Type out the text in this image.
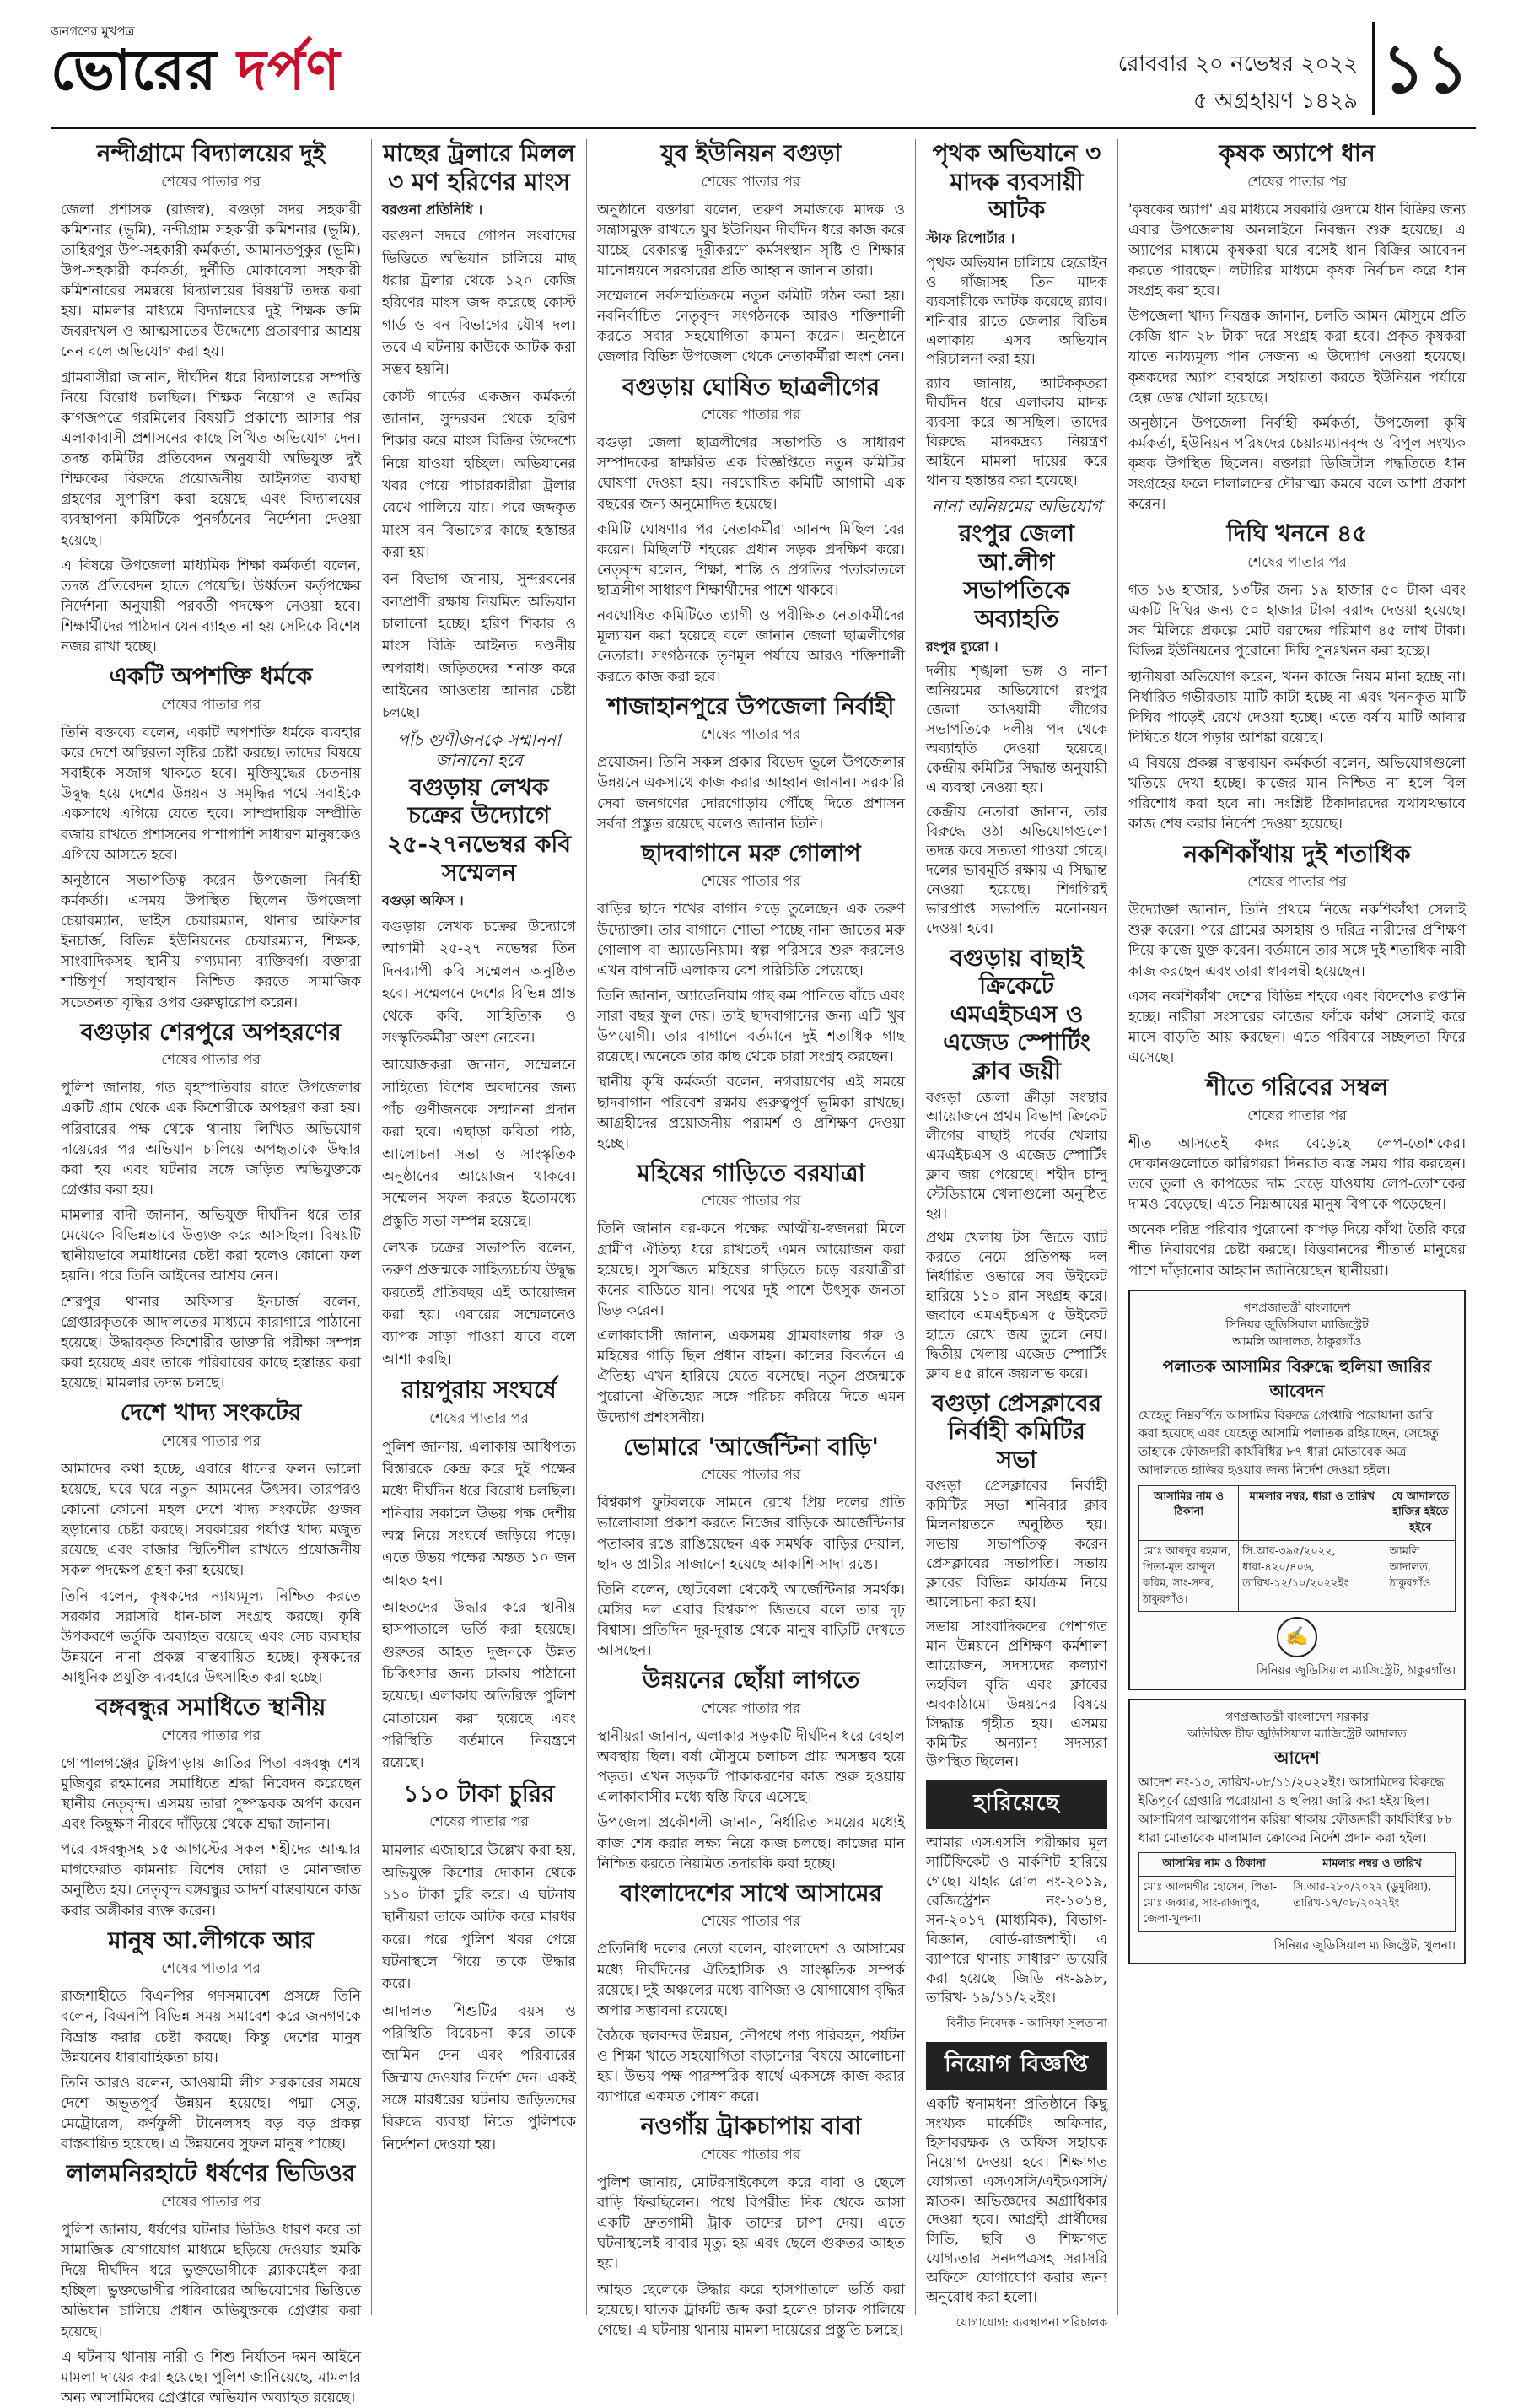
জনগণের মুখপত্র
ভোরের দর্পণ	রোববার ২০ নভেম্বর ২০২২
৫ অগ্রহায়ণ ১৪২৯ ১১
নন্দীগ্রামে বিদ্যালয়ের দুই
শেষের পাতার পর

জেলা প্রশাসক (রাজস্ব), বগুড়া সদর সহকারী কমিশনার (ভূমি), নন্দীগ্রাম সহকারী কমিশনার (ভূমি), তাহিরপুর উপ-সহকারী কর্মকর্তা, আমানতপুকুর (ভূমি) উপ-সহকারী কর্মকর্তা, দুর্নীতি মোকাবেলা সহকারী কমিশনারের সমন্বয়ে বিদ্যালয়ের বিষয়টি তদন্ত করা হয়। মামলার মাধ্যমে বিদ্যালয়ের দুই শিক্ষক জমি জবরদখল ও আত্মসাতের উদ্দেশ্যে প্রতারণার আশ্রয় নেন বলে অভিযোগ করা হয়।

গ্রামবাসীরা জানান, দীর্ঘদিন ধরে বিদ্যালয়ের সম্পত্তি নিয়ে বিরোধ চলছিল। শিক্ষক নিয়োগ ও জমির কাগজপত্রে গরমিলের বিষয়টি প্রকাশ্যে আসার পর এলাকাবাসী প্রশাসনের কাছে লিখিত অভিযোগ দেন। তদন্ত কমিটির প্রতিবেদন অনুযায়ী অভিযুক্ত দুই শিক্ষকের বিরুদ্ধে প্রয়োজনীয় আইনগত ব্যবস্থা গ্রহণের সুপারিশ করা হয়েছে এবং বিদ্যালয়ের ব্যবস্থাপনা কমিটিকে পুনর্গঠনের নির্দেশনা দেওয়া হয়েছে।

এ বিষয়ে উপজেলা মাধ্যমিক শিক্ষা কর্মকর্তা বলেন, তদন্ত প্রতিবেদন হাতে পেয়েছি। উর্ধ্বতন কর্তৃপক্ষের নির্দেশনা অনুযায়ী পরবর্তী পদক্ষেপ নেওয়া হবে। শিক্ষার্থীদের পাঠদান যেন ব্যাহত না হয় সেদিকে বিশেষ নজর রাখা হচ্ছে।

একটি অপশক্তি ধর্মকে
শেষের পাতার পর

তিনি বক্তব্যে বলেন, একটি অপশক্তি ধর্মকে ব্যবহার করে দেশে অস্থিরতা সৃষ্টির চেষ্টা করছে। তাদের বিষয়ে সবাইকে সজাগ থাকতে হবে। মুক্তিযুদ্ধের চেতনায় উদ্বুদ্ধ হয়ে দেশের উন্নয়ন ও সমৃদ্ধির পথে সবাইকে একসাথে এগিয়ে যেতে হবে। সাম্প্রদায়িক সম্প্রীতি বজায় রাখতে প্রশাসনের পাশাপাশি সাধারণ মানুষকেও এগিয়ে আসতে হবে।

অনুষ্ঠানে সভাপতিত্ব করেন উপজেলা নির্বাহী কর্মকর্তা। এসময় উপস্থিত ছিলেন উপজেলা চেয়ারম্যান, ভাইস চেয়ারম্যান, থানার অফিসার ইনচার্জ, বিভিন্ন ইউনিয়নের চেয়ারম্যান, শিক্ষক, সাংবাদিকসহ স্থানীয় গণ্যমান্য ব্যক্তিবর্গ। বক্তারা শান্তিপূর্ণ সহাবস্থান নিশ্চিত করতে সামাজিক সচেতনতা বৃদ্ধির ওপর গুরুত্বারোপ করেন।

বগুড়ার শেরপুরে অপহরণের
শেষের পাতার পর

পুলিশ জানায়, গত বৃহস্পতিবার রাতে উপজেলার একটি গ্রাম থেকে এক কিশোরীকে অপহরণ করা হয়। পরিবারের পক্ষ থেকে থানায় লিখিত অভিযোগ দায়েরের পর অভিযান চালিয়ে অপহৃতাকে উদ্ধার করা হয় এবং ঘটনার সঙ্গে জড়িত অভিযুক্তকে গ্রেপ্তার করা হয়।

মামলার বাদী জানান, অভিযুক্ত দীর্ঘদিন ধরে তার মেয়েকে বিভিন্নভাবে উত্ত্যক্ত করে আসছিল। বিষয়টি স্থানীয়ভাবে সমাধানের চেষ্টা করা হলেও কোনো ফল হয়নি। পরে তিনি আইনের আশ্রয় নেন।

শেরপুর থানার অফিসার ইনচার্জ বলেন, গ্রেপ্তারকৃতকে আদালতের মাধ্যমে কারাগারে পাঠানো হয়েছে। উদ্ধারকৃত কিশোরীর ডাক্তারি পরীক্ষা সম্পন্ন করা হয়েছে এবং তাকে পরিবারের কাছে হস্তান্তর করা হয়েছে। মামলার তদন্ত চলছে।

দেশে খাদ্য সংকটের
শেষের পাতার পর

আমাদের কথা হচ্ছে, এবারে ধানের ফলন ভালো হয়েছে, ঘরে ঘরে নতুন আমনের উৎসব। তারপরও কোনো কোনো মহল দেশে খাদ্য সংকটের গুজব ছড়ানোর চেষ্টা করছে। সরকারের পর্যাপ্ত খাদ্য মজুত রয়েছে এবং বাজার স্থিতিশীল রাখতে প্রয়োজনীয় সকল পদক্ষেপ গ্রহণ করা হয়েছে।

তিনি বলেন, কৃষকদের ন্যায্যমূল্য নিশ্চিত করতে সরকার সরাসরি ধান-চাল সংগ্রহ করছে। কৃষি উপকরণে ভর্তুকি অব্যাহত রয়েছে এবং সেচ ব্যবস্থার উন্নয়নে নানা প্রকল্প বাস্তবায়িত হচ্ছে। কৃষকদের আধুনিক প্রযুক্তি ব্যবহারে উৎসাহিত করা হচ্ছে।

বঙ্গবন্ধুর সমাধিতে স্থানীয়
শেষের পাতার পর

গোপালগঞ্জের টুঙ্গিপাড়ায় জাতির পিতা বঙ্গবন্ধু শেখ মুজিবুর রহমানের সমাধিতে শ্রদ্ধা নিবেদন করেছেন স্থানীয় নেতৃবৃন্দ। এসময় তারা পুষ্পস্তবক অর্পণ করেন এবং কিছুক্ষণ নীরবে দাঁড়িয়ে থেকে শ্রদ্ধা জানান।

পরে বঙ্গবন্ধুসহ ১৫ আগস্টের সকল শহীদের আত্মার মাগফেরাত কামনায় বিশেষ দোয়া ও মোনাজাত অনুষ্ঠিত হয়। নেতৃবৃন্দ বঙ্গবন্ধুর আদর্শ বাস্তবায়নে কাজ করার অঙ্গীকার ব্যক্ত করেন।

মানুষ আ.লীগকে আর
শেষের পাতার পর

রাজশাহীতে বিএনপির গণসমাবেশ প্রসঙ্গে তিনি বলেন, বিএনপি বিভিন্ন সময় সমাবেশ করে জনগণকে বিভ্রান্ত করার চেষ্টা করছে। কিন্তু দেশের মানুষ উন্নয়নের ধারাবাহিকতা চায়।

তিনি আরও বলেন, আওয়ামী লীগ সরকারের সময়ে দেশে অভূতপূর্ব উন্নয়ন হয়েছে। পদ্মা সেতু, মেট্রোরেল, কর্ণফুলী টানেলসহ বড় বড় প্রকল্প বাস্তবায়িত হয়েছে। এ উন্নয়নের সুফল মানুষ পাচ্ছে।

লালমনিরহাটে ধর্ষণের ভিডিওর
শেষের পাতার পর

পুলিশ জানায়, ধর্ষণের ঘটনার ভিডিও ধারণ করে তা সামাজিক যোগাযোগ মাধ্যমে ছড়িয়ে দেওয়ার হুমকি দিয়ে দীর্ঘদিন ধরে ভুক্তভোগীকে ব্ল্যাকমেইল করা হচ্ছিল। ভুক্তভোগীর পরিবারের অভিযোগের ভিত্তিতে অভিযান চালিয়ে প্রধান অভিযুক্তকে গ্রেপ্তার করা হয়েছে।

এ ঘটনায় থানায় নারী ও শিশু নির্যাতন দমন আইনে মামলা দায়ের করা হয়েছে। পুলিশ জানিয়েছে, মামলার অন্য আসামিদের গ্রেপ্তারে অভিযান অব্যাহত রয়েছে।

মাছের ট্রলারে মিলল ৩ মণ হরিণের মাংস
বরগুনা প্রতিনিধি ।

বরগুনা সদরে গোপন সংবাদের ভিত্তিতে অভিযান চালিয়ে মাছ ধরার ট্রলার থেকে ১২০ কেজি হরিণের মাংস জব্দ করেছে কোস্ট গার্ড ও বন বিভাগের যৌথ দল। তবে এ ঘটনায় কাউকে আটক করা সম্ভব হয়নি।

কোস্ট গার্ডের একজন কর্মকর্তা জানান, সুন্দরবন থেকে হরিণ শিকার করে মাংস বিক্রির উদ্দেশ্যে নিয়ে যাওয়া হচ্ছিল। অভিযানের খবর পেয়ে পাচারকারীরা ট্রলার রেখে পালিয়ে যায়। পরে জব্দকৃত মাংস বন বিভাগের কাছে হস্তান্তর করা হয়।

বন বিভাগ জানায়, সুন্দরবনের বন্যপ্রাণী রক্ষায় নিয়মিত অভিযান চালানো হচ্ছে। হরিণ শিকার ও মাংস বিক্রি আইনত দণ্ডনীয় অপরাধ। জড়িতদের শনাক্ত করে আইনের আওতায় আনার চেষ্টা চলছে।

পাঁচ গুণীজনকে সম্মাননা জানানো হবে
বগুড়ায় লেখক চক্রের উদ্যোগে ২৫-২৭নভেম্বর কবি সম্মেলন
বগুড়া অফিস ।

বগুড়ায় লেখক চক্রের উদ্যোগে আগামী ২৫-২৭ নভেম্বর তিন দিনব্যাপী কবি সম্মেলন অনুষ্ঠিত হবে। সম্মেলনে দেশের বিভিন্ন প্রান্ত থেকে কবি, সাহিত্যিক ও সংস্কৃতিকর্মীরা অংশ নেবেন।

আয়োজকরা জানান, সম্মেলনে সাহিত্যে বিশেষ অবদানের জন্য পাঁচ গুণীজনকে সম্মাননা প্রদান করা হবে। এছাড়া কবিতা পাঠ, আলোচনা সভা ও সাংস্কৃতিক অনুষ্ঠানের আয়োজন থাকবে। সম্মেলন সফল করতে ইতোমধ্যে প্রস্তুতি সভা সম্পন্ন হয়েছে।

লেখক চক্রের সভাপতি বলেন, তরুণ প্রজন্মকে সাহিত্যচর্চায় উদ্বুদ্ধ করতেই প্রতিবছর এই আয়োজন করা হয়। এবারের সম্মেলনেও ব্যাপক সাড়া পাওয়া যাবে বলে আশা করছি।

রায়পুরায় সংঘর্ষে
শেষের পাতার পর

পুলিশ জানায়, এলাকায় আধিপত্য বিস্তারকে কেন্দ্র করে দুই পক্ষের মধ্যে দীর্ঘদিন ধরে বিরোধ চলছিল। শনিবার সকালে উভয় পক্ষ দেশীয় অস্ত্র নিয়ে সংঘর্ষে জড়িয়ে পড়ে। এতে উভয় পক্ষের অন্তত ১০ জন আহত হন।

আহতদের উদ্ধার করে স্থানীয় হাসপাতালে ভর্তি করা হয়েছে। গুরুতর আহত দুজনকে উন্নত চিকিৎসার জন্য ঢাকায় পাঠানো হয়েছে। এলাকায় অতিরিক্ত পুলিশ মোতায়েন করা হয়েছে এবং পরিস্থিতি বর্তমানে নিয়ন্ত্রণে রয়েছে।

১১০ টাকা চুরির
শেষের পাতার পর

মামলার এজাহারে উল্লেখ করা হয়, অভিযুক্ত কিশোর দোকান থেকে ১১০ টাকা চুরি করে। এ ঘটনায় স্থানীয়রা তাকে আটক করে মারধর করে। পরে পুলিশ খবর পেয়ে ঘটনাস্থলে গিয়ে তাকে উদ্ধার করে।

আদালত শিশুটির বয়স ও পরিস্থিতি বিবেচনা করে তাকে জামিন দেন এবং পরিবারের জিম্মায় দেওয়ার নির্দেশ দেন। একই সঙ্গে মারধরের ঘটনায় জড়িতদের বিরুদ্ধে ব্যবস্থা নিতে পুলিশকে নির্দেশনা দেওয়া হয়।

যুব ইউনিয়ন বগুড়া
শেষের পাতার পর

অনুষ্ঠানে বক্তারা বলেন, তরুণ সমাজকে মাদক ও সন্ত্রাসমুক্ত রাখতে যুব ইউনিয়ন দীর্ঘদিন ধরে কাজ করে যাচ্ছে। বেকারত্ব দূরীকরণে কর্মসংস্থান সৃষ্টি ও শিক্ষার মানোন্নয়নে সরকারের প্রতি আহ্বান জানান তারা।

সম্মেলনে সর্বসম্মতিক্রমে নতুন কমিটি গঠন করা হয়। নবনির্বাচিত নেতৃবৃন্দ সংগঠনকে আরও শক্তিশালী করতে সবার সহযোগিতা কামনা করেন। অনুষ্ঠানে জেলার বিভিন্ন উপজেলা থেকে নেতাকর্মীরা অংশ নেন।

বগুড়ায় ঘোষিত ছাত্রলীগের
শেষের পাতার পর

বগুড়া জেলা ছাত্রলীগের সভাপতি ও সাধারণ সম্পাদকের স্বাক্ষরিত এক বিজ্ঞপ্তিতে নতুন কমিটির ঘোষণা দেওয়া হয়। নবঘোষিত কমিটি আগামী এক বছরের জন্য অনুমোদিত হয়েছে।

কমিটি ঘোষণার পর নেতাকর্মীরা আনন্দ মিছিল বের করেন। মিছিলটি শহরের প্রধান সড়ক প্রদক্ষিণ করে। নেতৃবৃন্দ বলেন, শিক্ষা, শান্তি ও প্রগতির পতাকাতলে ছাত্রলীগ সাধারণ শিক্ষার্থীদের পাশে থাকবে।

নবঘোষিত কমিটিতে ত্যাগী ও পরীক্ষিত নেতাকর্মীদের মূল্যায়ন করা হয়েছে বলে জানান জেলা ছাত্রলীগের নেতারা। সংগঠনকে তৃণমূল পর্যায়ে আরও শক্তিশালী করতে কাজ করা হবে।

শাজাহানপুরে উপজেলা নির্বাহী
শেষের পাতার পর

প্রয়োজন। তিনি সকল প্রকার বিভেদ ভুলে উপজেলার উন্নয়নে একসাথে কাজ করার আহ্বান জানান। সরকারি সেবা জনগণের দোরগোড়ায় পৌঁছে দিতে প্রশাসন সর্বদা প্রস্তুত রয়েছে বলেও জানান তিনি।

ছাদবাগানে মরু গোলাপ
শেষের পাতার পর

বাড়ির ছাদে শখের বাগান গড়ে তুলেছেন এক তরুণ উদ্যোক্তা। তার বাগানে শোভা পাচ্ছে নানা জাতের মরু গোলাপ বা অ্যাডেনিয়াম। স্বল্প পরিসরে শুরু করলেও এখন বাগানটি এলাকায় বেশ পরিচিতি পেয়েছে।

তিনি জানান, অ্যাডেনিয়াম গাছ কম পানিতে বাঁচে এবং সারা বছর ফুল দেয়। তাই ছাদবাগানের জন্য এটি খুব উপযোগী। তার বাগানে বর্তমানে দুই শতাধিক গাছ রয়েছে। অনেকে তার কাছ থেকে চারা সংগ্রহ করছেন।

স্থানীয় কৃষি কর্মকর্তা বলেন, নগরায়ণের এই সময়ে ছাদবাগান পরিবেশ রক্ষায় গুরুত্বপূর্ণ ভূমিকা রাখছে। আগ্রহীদের প্রয়োজনীয় পরামর্শ ও প্রশিক্ষণ দেওয়া হচ্ছে।

মহিষের গাড়িতে বরযাত্রা
শেষের পাতার পর

তিনি জানান বর-কনে পক্ষের আত্মীয়-স্বজনরা মিলে গ্রামীণ ঐতিহ্য ধরে রাখতেই এমন আয়োজন করা হয়েছে। সুসজ্জিত মহিষের গাড়িতে চড়ে বরযাত্রীরা কনের বাড়িতে যান। পথের দুই পাশে উৎসুক জনতা ভিড় করেন।

এলাকাবাসী জানান, একসময় গ্রামবাংলায় গরু ও মহিষের গাড়ি ছিল প্রধান বাহন। কালের বিবর্তনে এ ঐতিহ্য এখন হারিয়ে যেতে বসেছে। নতুন প্রজন্মকে পুরোনো ঐতিহ্যের সঙ্গে পরিচয় করিয়ে দিতে এমন উদ্যোগ প্রশংসনীয়।

ভোমারে 'আর্জেন্টিনা বাড়ি'
শেষের পাতার পর

বিশ্বকাপ ফুটবলকে সামনে রেখে প্রিয় দলের প্রতি ভালোবাসা প্রকাশ করতে নিজের বাড়িকে আর্জেন্টিনার পতাকার রঙে রাঙিয়েছেন এক সমর্থক। বাড়ির দেয়াল, ছাদ ও প্রাচীর সাজানো হয়েছে আকাশি-সাদা রঙে।

তিনি বলেন, ছোটবেলা থেকেই আর্জেন্টিনার সমর্থক। মেসির দল এবার বিশ্বকাপ জিতবে বলে তার দৃঢ় বিশ্বাস। প্রতিদিন দূর-দূরান্ত থেকে মানুষ বাড়িটি দেখতে আসছেন।

উন্নয়নের ছোঁয়া লাগতে
শেষের পাতার পর

স্থানীয়রা জানান, এলাকার সড়কটি দীর্ঘদিন ধরে বেহাল অবস্থায় ছিল। বর্ষা মৌসুমে চলাচল প্রায় অসম্ভব হয়ে পড়ত। এখন সড়কটি পাকাকরণের কাজ শুরু হওয়ায় এলাকাবাসীর মধ্যে স্বস্তি ফিরে এসেছে।

উপজেলা প্রকৌশলী জানান, নির্ধারিত সময়ের মধ্যেই কাজ শেষ করার লক্ষ্য নিয়ে কাজ চলছে। কাজের মান নিশ্চিত করতে নিয়মিত তদারকি করা হচ্ছে।

বাংলাদেশের সাথে আসামের
শেষের পাতার পর

প্রতিনিধি দলের নেতা বলেন, বাংলাদেশ ও আসামের মধ্যে দীর্ঘদিনের ঐতিহাসিক ও সাংস্কৃতিক সম্পর্ক রয়েছে। দুই অঞ্চলের মধ্যে বাণিজ্য ও যোগাযোগ বৃদ্ধির অপার সম্ভাবনা রয়েছে।

বৈঠকে স্থলবন্দর উন্নয়ন, নৌপথে পণ্য পরিবহন, পর্যটন ও শিক্ষা খাতে সহযোগিতা বাড়ানোর বিষয়ে আলোচনা হয়। উভয় পক্ষ পারস্পরিক স্বার্থে একসঙ্গে কাজ করার ব্যাপারে একমত পোষণ করে।

নওগাঁয় ট্রাকচাপায় বাবা
শেষের পাতার পর

পুলিশ জানায়, মোটরসাইকেলে করে বাবা ও ছেলে বাড়ি ফিরছিলেন। পথে বিপরীত দিক থেকে আসা একটি দ্রুতগামী ট্রাক তাদের চাপা দেয়। এতে ঘটনাস্থলেই বাবার মৃত্যু হয় এবং ছেলে গুরুতর আহত হয়।

আহত ছেলেকে উদ্ধার করে হাসপাতালে ভর্তি করা হয়েছে। ঘাতক ট্রাকটি জব্দ করা হলেও চালক পালিয়ে গেছে। এ ঘটনায় থানায় মামলা দায়েরের প্রস্তুতি চলছে।

পৃথক অভিযানে ৩ মাদক ব্যবসায়ী আটক
স্টাফ রিপোর্টার ।

পৃথক অভিযান চালিয়ে হেরোইন ও গাঁজাসহ তিন মাদক ব্যবসায়ীকে আটক করেছে র‌্যাব। শনিবার রাতে জেলার বিভিন্ন এলাকায় এসব অভিযান পরিচালনা করা হয়।

র‌্যাব জানায়, আটককৃতরা দীর্ঘদিন ধরে এলাকায় মাদক ব্যবসা করে আসছিল। তাদের বিরুদ্ধে মাদকদ্রব্য নিয়ন্ত্রণ আইনে মামলা দায়ের করে থানায় হস্তান্তর করা হয়েছে।

নানা অনিয়মের অভিযোগ
রংপুর জেলা আ.লীগ সভাপতিকে অব্যাহতি
রংপুর ব্যুরো ।

দলীয় শৃঙ্খলা ভঙ্গ ও নানা অনিয়মের অভিযোগে রংপুর জেলা আওয়ামী লীগের সভাপতিকে দলীয় পদ থেকে অব্যাহতি দেওয়া হয়েছে। কেন্দ্রীয় কমিটির সিদ্ধান্ত অনুযায়ী এ ব্যবস্থা নেওয়া হয়।

কেন্দ্রীয় নেতারা জানান, তার বিরুদ্ধে ওঠা অভিযোগগুলো তদন্ত করে সত্যতা পাওয়া গেছে। দলের ভাবমূর্তি রক্ষায় এ সিদ্ধান্ত নেওয়া হয়েছে। শিগগিরই ভারপ্রাপ্ত সভাপতি মনোনয়ন দেওয়া হবে।

বগুড়ায় বাছাই ক্রিকেটে এমএইচএস ও এজেড স্পোর্টিং ক্লাব জয়ী

বগুড়া জেলা ক্রীড়া সংস্থার আয়োজনে প্রথম বিভাগ ক্রিকেট লীগের বাছাই পর্বের খেলায় এমএইচএস ও এজেড স্পোর্টিং ক্লাব জয় পেয়েছে। শহীদ চান্দু স্টেডিয়ামে খেলাগুলো অনুষ্ঠিত হয়।

প্রথম খেলায় টস জিতে ব্যাট করতে নেমে প্রতিপক্ষ দল নির্ধারিত ওভারে সব উইকেট হারিয়ে ১১০ রান সংগ্রহ করে। জবাবে এমএইচএস ৫ উইকেট হাতে রেখে জয় তুলে নেয়। দ্বিতীয় খেলায় এজেড স্পোর্টিং ক্লাব ৪৫ রানে জয়লাভ করে।

বগুড়া প্রেসক্লাবের নির্বাহী কমিটির সভা

বগুড়া প্রেসক্লাবের নির্বাহী কমিটির সভা শনিবার ক্লাব মিলনায়তনে অনুষ্ঠিত হয়। সভায় সভাপতিত্ব করেন প্রেসক্লাবের সভাপতি। সভায় ক্লাবের বিভিন্ন কার্যক্রম নিয়ে আলোচনা করা হয়।

সভায় সাংবাদিকদের পেশাগত মান উন্নয়নে প্রশিক্ষণ কর্মশালা আয়োজন, সদস্যদের কল্যাণ তহবিল বৃদ্ধি এবং ক্লাবের অবকাঠামো উন্নয়নের বিষয়ে সিদ্ধান্ত গৃহীত হয়। এসময় কমিটির অন্যান্য সদস্যরা উপস্থিত ছিলেন।

হারিয়েছে

আমার এসএসসি পরীক্ষার মূল সার্টিফিকেট ও মার্কশিট হারিয়ে গেছে। যাহার রোল নং-২০১৯, রেজিস্ট্রেশন নং-১০১৪, সন-২০১৭ (মাধ্যমিক), বিভাগ-বিজ্ঞান, বোর্ড-রাজশাহী। এ ব্যাপারে থানায় সাধারণ ডায়েরি করা হয়েছে। জিডি নং-৯৯৮, তারিখ- ১৯/১১/২২ইং।

বিনীত নিবেদক - আসিফা সুলতানা
নিয়োগ বিজ্ঞপ্তি

একটি স্বনামধন্য প্রতিষ্ঠানে কিছু সংখ্যক মার্কেটিং অফিসার, হিসাবরক্ষক ও অফিস সহায়ক নিয়োগ দেওয়া হবে। শিক্ষাগত যোগ্যতা এসএসসি/এইচএসসি/স্নাতক। অভিজ্ঞদের অগ্রাধিকার দেওয়া হবে। আগ্রহী প্রার্থীদের সিভি, ছবি ও শিক্ষাগত যোগ্যতার সনদপত্রসহ সরাসরি অফিসে যোগাযোগ করার জন্য অনুরোধ করা হলো।

যোগাযোগ: ব্যবস্থাপনা পরিচালক
কৃষক অ্যাপে ধান
শেষের পাতার পর

'কৃষকের অ্যাপ' এর মাধ্যমে সরকারি গুদামে ধান বিক্রির জন্য এবার উপজেলায় অনলাইনে নিবন্ধন শুরু হয়েছে। এ অ্যাপের মাধ্যমে কৃষকরা ঘরে বসেই ধান বিক্রির আবেদন করতে পারছেন। লটারির মাধ্যমে কৃষক নির্বাচন করে ধান সংগ্রহ করা হবে।

উপজেলা খাদ্য নিয়ন্ত্রক জানান, চলতি আমন মৌসুমে প্রতি কেজি ধান ২৮ টাকা দরে সংগ্রহ করা হবে। প্রকৃত কৃষকরা যাতে ন্যায্যমূল্য পান সেজন্য এ উদ্যোগ নেওয়া হয়েছে। কৃষকদের অ্যাপ ব্যবহারে সহায়তা করতে ইউনিয়ন পর্যায়ে হেল্প ডেস্ক খোলা হয়েছে।

অনুষ্ঠানে উপজেলা নির্বাহী কর্মকর্তা, উপজেলা কৃষি কর্মকর্তা, ইউনিয়ন পরিষদের চেয়ারম্যানবৃন্দ ও বিপুল সংখ্যক কৃষক উপস্থিত ছিলেন। বক্তারা ডিজিটাল পদ্ধতিতে ধান সংগ্রহের ফলে দালালদের দৌরাত্ম্য কমবে বলে আশা প্রকাশ করেন।

দিঘি খননে ৪৫
শেষের পাতার পর

গত ১৬ হাজার, ১৩টির জন্য ১৯ হাজার ৫০ টাকা এবং একটি দিঘির জন্য ৫০ হাজার টাকা বরাদ্দ দেওয়া হয়েছে। সব মিলিয়ে প্রকল্পে মোট বরাদ্দের পরিমাণ ৪৫ লাখ টাকা। বিভিন্ন ইউনিয়নের পুরোনো দিঘি পুনঃখনন করা হচ্ছে।

স্থানীয়রা অভিযোগ করেন, খনন কাজে নিয়ম মানা হচ্ছে না। নির্ধারিত গভীরতায় মাটি কাটা হচ্ছে না এবং খননকৃত মাটি দিঘির পাড়েই রেখে দেওয়া হচ্ছে। এতে বর্ষায় মাটি আবার দিঘিতে ধসে পড়ার আশঙ্কা রয়েছে।

এ বিষয়ে প্রকল্প বাস্তবায়ন কর্মকর্তা বলেন, অভিযোগগুলো খতিয়ে দেখা হচ্ছে। কাজের মান নিশ্চিত না হলে বিল পরিশোধ করা হবে না। সংশ্লিষ্ট ঠিকাদারদের যথাযথভাবে কাজ শেষ করার নির্দেশ দেওয়া হয়েছে।

নকশিকাঁথায় দুই শতাধিক
শেষের পাতার পর

উদ্যোক্তা জানান, তিনি প্রথমে নিজে নকশিকাঁথা সেলাই শুরু করেন। পরে গ্রামের অসহায় ও দরিদ্র নারীদের প্রশিক্ষণ দিয়ে কাজে যুক্ত করেন। বর্তমানে তার সঙ্গে দুই শতাধিক নারী কাজ করছেন এবং তারা স্বাবলম্বী হয়েছেন।

এসব নকশিকাঁথা দেশের বিভিন্ন শহরে এবং বিদেশেও রপ্তানি হচ্ছে। নারীরা সংসারের কাজের ফাঁকে কাঁথা সেলাই করে মাসে বাড়তি আয় করছেন। এতে পরিবারে সচ্ছলতা ফিরে এসেছে।

শীতে গরিবের সম্বল
শেষের পাতার পর

শীত আসতেই কদর বেড়েছে লেপ-তোশকের। দোকানগুলোতে কারিগররা দিনরাত ব্যস্ত সময় পার করছেন। তবে তুলা ও কাপড়ের দাম বেড়ে যাওয়ায় লেপ-তোশকের দামও বেড়েছে। এতে নিম্নআয়ের মানুষ বিপাকে পড়েছেন।

অনেক দরিদ্র পরিবার পুরোনো কাপড় দিয়ে কাঁথা তৈরি করে শীত নিবারণের চেষ্টা করছে। বিত্তবানদের শীতার্ত মানুষের পাশে দাঁড়ানোর আহ্বান জানিয়েছেন স্থানীয়রা।

গণপ্রজাতন্ত্রী বাংলাদেশ
সিনিয়র জুডিসিয়াল ম্যাজিস্ট্রেট
আমলি আদালত, ঠাকুরগাঁও
পলাতক আসামির বিরুদ্ধে হুলিয়া জারির আবেদন
যেহেতু নিম্নবর্ণিত আসামির বিরুদ্ধে গ্রেপ্তারি পরোয়ানা জারি করা হয়েছে এবং যেহেতু আসামি পলাতক রহিয়াছেন, সেহেতু তাহাকে ফৌজদারী কার্যবিধির ৮৭ ধারা মোতাবেক অত্র আদালতে হাজির হওয়ার জন্য নির্দেশ দেওয়া হইল।
আসামির নাম ও ঠিকানা	মামলার নম্বর, ধারা ও তারিখ	যে আদালতে হাজির হইতে হইবে
মোঃ আবদুর রহমান, পিতা-মৃত আব্দুল করিম, সাং-সদর, ঠাকুরগাঁও।	সি.আর-৩৯৫/২০২২, ধারা-৪২০/৪০৬, তারিখ-১২/১০/২০২২ইং	আমলি আদালত, ঠাকুরগাঁও
✍
সিনিয়র জুডিসিয়াল ম্যাজিস্ট্রেট, ঠাকুরগাঁও।
গণপ্রজাতন্ত্রী বাংলাদেশ সরকার
অতিরিক্ত চীফ জুডিসিয়াল ম্যাজিস্ট্রেট আদালত
আদেশ
আদেশ নং-১৩, তারিখ-০৮/১১/২০২২ইং। আসামিদের বিরুদ্ধে ইতিপূর্বে গ্রেপ্তারি পরোয়ানা ও হুলিয়া জারি করা হইয়াছিল। আসামিগণ আত্মগোপন করিয়া থাকায় ফৌজদারী কার্যবিধির ৮৮ ধারা মোতাবেক মালামাল ক্রোকের নির্দেশ প্রদান করা হইল।
আসামির নাম ও ঠিকানা	মামলার নম্বর ও তারিখ
মোঃ আলমগীর হোসেন, পিতা-মোঃ জব্বার, সাং-রাজাপুর, জেলা-খুলনা।	সি.আর-২৮০/২০২২ (ডুমুরিয়া), তারিখ-১৭/০৮/২০২২ইং
সিনিয়র জুডিসিয়াল ম্যাজিস্ট্রেট, খুলনা।
